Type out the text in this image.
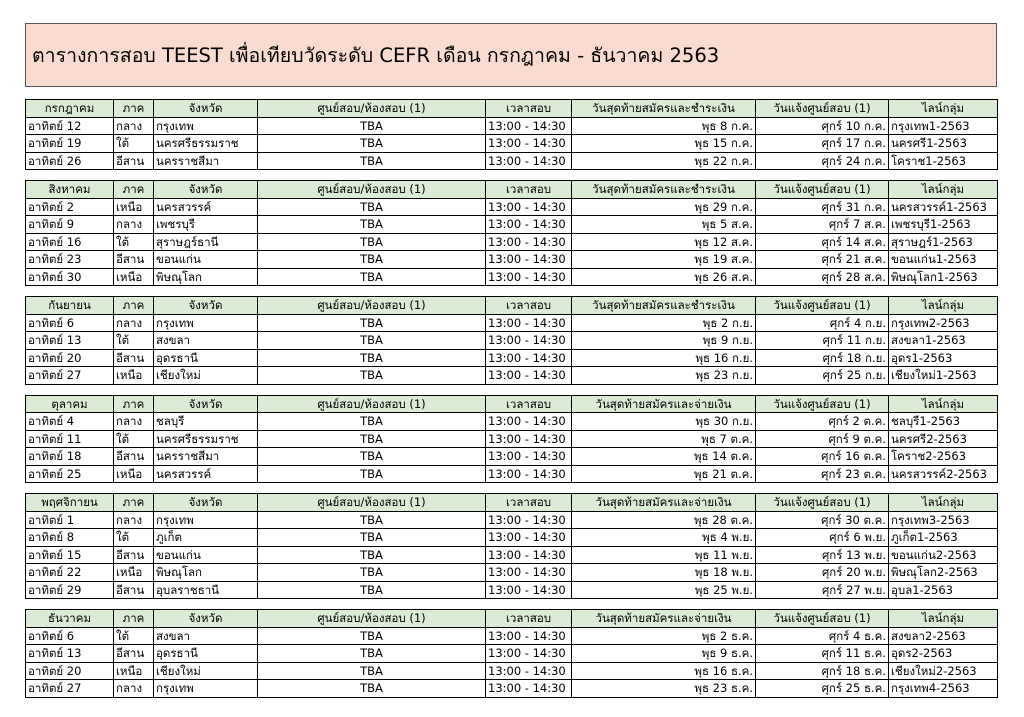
ตารางการสอบ TEEST เพื่อเทียบวัดระดับ CEFR เดือน กรกฎาคม - ธันวาคม 2563
กรกฎาคม	ภาค	จังหวัด	ศูนย์สอบ/ห้องสอบ (1)	เวลาสอบ	วันสุดท้ายสมัครและชำระเงิน	วันแจ้งศูนย์สอบ (1)	ไลน์กลุ่ม
อาทิตย์ 12	กลาง	กรุงเทพ	TBA	13:00 - 14:30	พุธ 8 ก.ค.	ศุกร์ 10 ก.ค.	กรุงเทพ1-2563
อาทิตย์ 19	ใต้	นครศรีธรรมราช	TBA	13:00 - 14:30	พุธ 15 ก.ค.	ศุกร์ 17 ก.ค.	นครศรี1-2563
อาทิตย์ 26	อีสาน	นครราชสีมา	TBA	13:00 - 14:30	พุธ 22 ก.ค.	ศุกร์ 24 ก.ค.	โคราช1-2563
สิงหาคม	ภาค	จังหวัด	ศูนย์สอบ/ห้องสอบ (1)	เวลาสอบ	วันสุดท้ายสมัครและชำระเงิน	วันแจ้งศูนย์สอบ (1)	ไลน์กลุ่ม
อาทิตย์ 2	เหนือ	นครสวรรค์	TBA	13:00 - 14:30	พุธ 29 ก.ค.	ศุกร์ 31 ก.ค.	นครสวรรค์1-2563
อาทิตย์ 9	กลาง	เพชรบุรี	TBA	13:00 - 14:30	พุธ 5 ส.ค.	ศุกร์ 7 ส.ค.	เพชรบุรี1-2563
อาทิตย์ 16	ใต้	สุราษฎร์ธานี	TBA	13:00 - 14:30	พุธ 12 ส.ค.	ศุกร์ 14 ส.ค.	สุราษฎร์1-2563
อาทิตย์ 23	อีสาน	ขอนแก่น	TBA	13:00 - 14:30	พุธ 19 ส.ค.	ศุกร์ 21 ส.ค.	ขอนแก่น1-2563
อาทิตย์ 30	เหนือ	พิษณุโลก	TBA	13:00 - 14:30	พุธ 26 ส.ค.	ศุกร์ 28 ส.ค.	พิษณุโลก1-2563
กันยายน	ภาค	จังหวัด	ศูนย์สอบ/ห้องสอบ (1)	เวลาสอบ	วันสุดท้ายสมัครและชำระเงิน	วันแจ้งศูนย์สอบ (1)	ไลน์กลุ่ม
อาทิตย์ 6	กลาง	กรุงเทพ	TBA	13:00 - 14:30	พุธ 2 ก.ย.	ศุกร์ 4 ก.ย.	กรุงเทพ2-2563
อาทิตย์ 13	ใต้	สงขลา	TBA	13:00 - 14:30	พุธ 9 ก.ย.	ศุกร์ 11 ก.ย.	สงขลา1-2563
อาทิตย์ 20	อีสาน	อุดรธานี	TBA	13:00 - 14:30	พุธ 16 ก.ย.	ศุกร์ 18 ก.ย.	อุดร1-2563
อาทิตย์ 27	เหนือ	เชียงใหม่	TBA	13:00 - 14:30	พุธ 23 ก.ย.	ศุกร์ 25 ก.ย.	เชียงใหม่1-2563
ตุลาคม	ภาค	จังหวัด	ศูนย์สอบ/ห้องสอบ (1)	เวลาสอบ	วันสุดท้ายสมัครและจ่ายเงิน	วันแจ้งศูนย์สอบ (1)	ไลน์กลุ่ม
อาทิตย์ 4	กลาง	ชลบุรี	TBA	13:00 - 14:30	พุธ 30 ก.ย.	ศุกร์ 2 ต.ค.	ชลบุรี1-2563
อาทิตย์ 11	ใต้	นครศรีธรรมราช	TBA	13:00 - 14:30	พุธ 7 ต.ค.	ศุกร์ 9 ต.ค.	นครศรี2-2563
อาทิตย์ 18	อีสาน	นครราชสีมา	TBA	13:00 - 14:30	พุธ 14 ต.ค.	ศุกร์ 16 ต.ค.	โคราช2-2563
อาทิตย์ 25	เหนือ	นครสวรรค์	TBA	13:00 - 14:30	พุธ 21 ต.ค.	ศุกร์ 23 ต.ค.	นครสวรรค์2-2563
พฤศจิกายน	ภาค	จังหวัด	ศูนย์สอบ/ห้องสอบ (1)	เวลาสอบ	วันสุดท้ายสมัครและจ่ายเงิน	วันแจ้งศูนย์สอบ (1)	ไลน์กลุ่ม
อาทิตย์ 1	กลาง	กรุงเทพ	TBA	13:00 - 14:30	พุธ 28 ต.ค.	ศุกร์ 30 ต.ค.	กรุงเทพ3-2563
อาทิตย์ 8	ใต้	ภูเก็ต	TBA	13:00 - 14:30	พุธ 4 พ.ย.	ศุกร์ 6 พ.ย.	ภูเก็ต1-2563
อาทิตย์ 15	อีสาน	ขอนแก่น	TBA	13:00 - 14:30	พุธ 11 พ.ย.	ศุกร์ 13 พ.ย.	ขอนแก่น2-2563
อาทิตย์ 22	เหนือ	พิษณุโลก	TBA	13:00 - 14:30	พุธ 18 พ.ย.	ศุกร์ 20 พ.ย.	พิษณุโลก2-2563
อาทิตย์ 29	อีสาน	อุบลราชธานี	TBA	13:00 - 14:30	พุธ 25 พ.ย.	ศุกร์ 27 พ.ย.	อุบล1-2563
ธันวาคม	ภาค	จังหวัด	ศูนย์สอบ/ห้องสอบ (1)	เวลาสอบ	วันสุดท้ายสมัครและจ่ายเงิน	วันแจ้งศูนย์สอบ (1)	ไลน์กลุ่ม
อาทิตย์ 6	ใต้	สงขลา	TBA	13:00 - 14:30	พุธ 2 ธ.ค.	ศุกร์ 4 ธ.ค.	สงขลา2-2563
อาทิตย์ 13	อีสาน	อุดรธานี	TBA	13:00 - 14:30	พุธ 9 ธ.ค.	ศุกร์ 11 ธ.ค.	อุดร2-2563
อาทิตย์ 20	เหนือ	เชียงใหม่	TBA	13:00 - 14:30	พุธ 16 ธ.ค.	ศุกร์ 18 ธ.ค.	เชียงใหม่2-2563
อาทิตย์ 27	กลาง	กรุงเทพ	TBA	13:00 - 14:30	พุธ 23 ธ.ค.	ศุกร์ 25 ธ.ค.	กรุงเทพ4-2563
